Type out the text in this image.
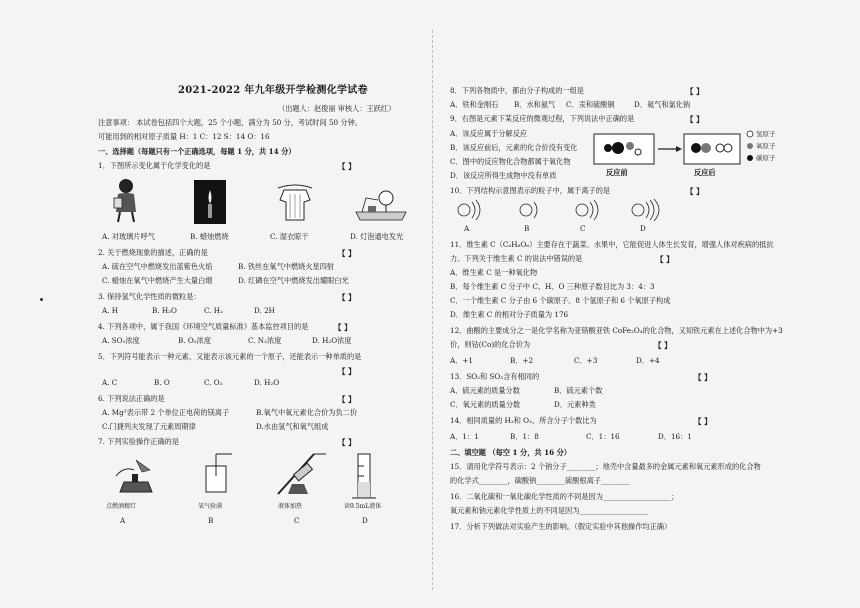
2021-2022 年九年级开学检测化学试卷
（出题人：赵俊丽 审核人：王跃红）
注意事项： 本试卷包括四个大题，25 个小题，满分为 50 分，考试时间 50 分钟。
可能用到的相对原子质量 H：1 C：12 S：14 O：16
一、选择题（每题只有一个正确选项，每题 1 分，共 14 分）
1．下图所示变化属于化学变化的是	【 】
A. 对玻璃片呼气	B. 蜡烛燃烧	C. 湿衣晾干	D. 灯泡通电发光
2. 关于燃烧现象的描述，正确的是	【 】
A. 硫在空气中燃烧发出蓝紫色火焰	B. 铁丝在氧气中燃烧火星四射
C. 蜡烛在氧气中燃烧产生大量白烟	D. 红磷在空气中燃烧发出耀眼白光
3. 保持氢气化学性质的微粒是：	【 】
A. H	B. H₂O	C. H₂	D. 2H
4. 下列各项中，属于我国《环境空气质量标准》基本监控项目的是	【 】
A. SO₂浓度	B. O₂浓度	C. N₂浓度	D. H₂O浓度
5．下列符号能表示一种元素，又能表示该元素的一个原子，还能表示一种单质的是
【 】
A. C	B. O	C. O₂	D. H₂O
6. 下列说法正确的是	【 】
A. Mg²表示带 2 个单位正电荷的镁离子	B.氧气中氧元素化合价为负二价
C.门捷列夫发现了元素周期律	D.水由氢气和氧气组成
7. 下列实验操作正确的是	【 】
点燃酒精灯	氧气验满	液体加热	读9.5mL液体
A	B	C	D
8．下列各物质中，都由分子构成的一组是	【 】
A．铁和金刚石 B．水和氨气 C．汞和硫酸铜	D．氦气和氯化钠
9．右图是元素下某反应的微观过程，下列说法中正确的是	【 】
A．该反应属于分解反应
B．该反应前后，元素的化合价没有变化
C．图中的反应物化合物都属于氧化物
D．该反应所得生成物中没有单质	反应前	反应后
氢原子
氧原子
碳原子
10．下列结构示意图表示的粒子中，属于离子的是	【 】
A	B	C	D
11．维生素 C（C₆H₈O₆）主要存在于蔬菜、水果中，它能促进人体生长发育，增强人体对疾病的抵抗
力。下列关于维生素 C 的说法中错误的是	【 】
A．维生素 C 是一种氧化物
B．每个维生素 C 分子中 C、H、O 三种原子数目比为 3：4：3
C．一个维生素 C 分子由 6 个碳原子、8 个氢原子和 6 个氧原子构成
D．维生素 C 的相对分子质量为 176
12．曲酸的主要成分之一是化学名称为亚铬酸亚铁 CoFe₂O₄的化合物，又知铁元素在上述化合物中为+3
价，则钴(Co)的化合价为	【 】
A．+1	B．+2	C．+3	D．+4
13．SO₂和 SO₃含有相同的	【 】
A．硫元素的质量分数	B．硫元素个数
C．氧元素的质量分数	D．元素种类
14．相同质量的 H₂和 O₂，所含分子个数比为	【 】
A．1：1	B．1：8	C．1：16	D．16：1
二、填空题 （每空 1 分，共 16 分）
15．请用化学符号表示：2 个钠分子________；地壳中含量最多的金属元素和氧元素形成的化合物
的化学式________，碳酸钠________硫酸根离子________
16．二氧化碳和一氧化碳化学性质的不同是因为___________________；
氧元素和钠元素化学性质上的不同是因为___________________
17．分析下列做法对实验产生的影响。（假定实验中其他操作均正确）
